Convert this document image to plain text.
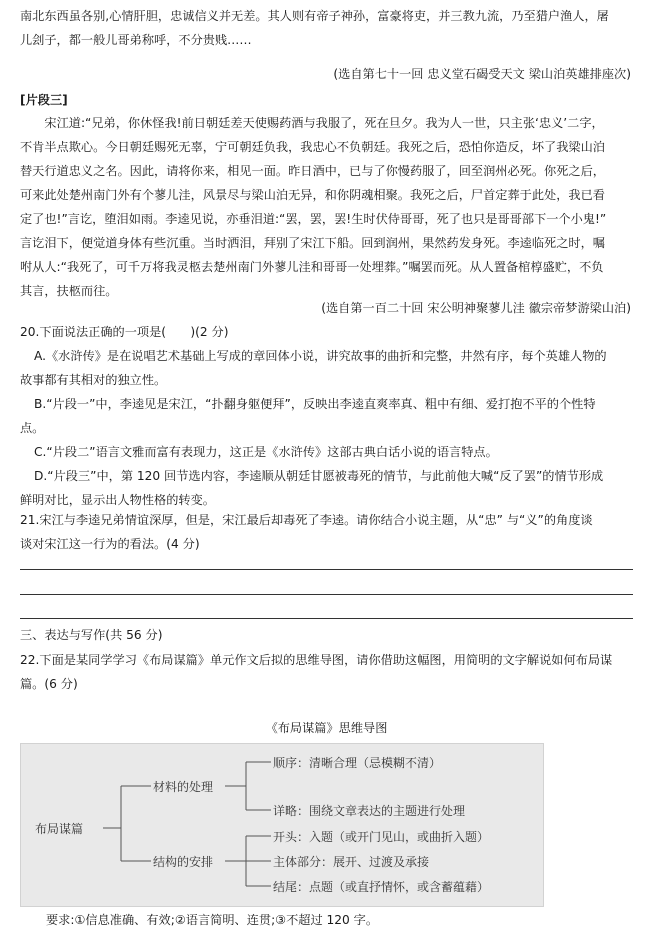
南北东西虽各别,心情肝胆，忠诚信义并无差。其人则有帝子神孙，富豪将吏，并三教九流，乃至猎户渔人，屠

儿刽子，都一般儿哥弟称呼，不分贵贱……

(选自第七十一回 忠义堂石碣受天文 梁山泊英雄排座次)

[片段三]

宋江道:“兄弟，你休怪我!前日朝廷差天使赐药酒与我服了，死在旦夕。我为人一世，只主张‘忠义’二字，

不肯半点欺心。今日朝廷赐死无辜，宁可朝廷负我，我忠心不负朝廷。我死之后，恐怕你造反，坏了我梁山泊

替天行道忠义之名。因此，请将你来，相见一面。昨日酒中，已与了你慢药服了，回至润州必死。你死之后，

可来此处楚州南门外有个蓼儿洼，风景尽与梁山泊无异，和你阴魂相聚。我死之后，尸首定葬于此处，我已看

定了也!”言讫，堕泪如雨。李逵见说，亦垂泪道:“罢，罢，罢!生时伏侍哥哥，死了也只是哥哥部下一个小鬼!”

言讫泪下，便觉道身体有些沉重。当时洒泪，拜别了宋江下船。回到润州，果然药发身死。李逵临死之时，嘱

咐从人:“我死了，可千万将我灵柩去楚州南门外蓼儿洼和哥哥一处埋葬。”嘱罢而死。从人置备棺椁盛贮，不负

其言，扶柩而往。

(选自第一百二十回 宋公明神聚蓼儿洼 徽宗帝梦游梁山泊)

20.下面说法正确的一项是(　　)(2 分)

A.《水浒传》是在说唱艺术基础上写成的章回体小说，讲究故事的曲折和完整，井然有序，每个英雄人物的

故事都有其相对的独立性。

B.“片段一”中，李逵见是宋江，“扑翻身躯便拜”，反映出李逵直爽率真、粗中有细、爱打抱不平的个性特

点。

C.“片段二”语言文雅而富有表现力，这正是《水浒传》这部古典白话小说的语言特点。

D.“片段三”中，第 120 回节选内容，李逵顺从朝廷甘愿被毒死的情节，与此前他大喊“反了罢”的情节形成

鲜明对比，显示出人物性格的转变。

21.宋江与李逵兄弟情谊深厚，但是，宋江最后却毒死了李逵。请你结合小说主题，从“忠” 与“义”的角度谈

谈对宋江这一行为的看法。(4 分)

三、表达与写作(共 56 分)

22.下面是某同学学习《布局谋篇》单元作文后拟的思维导图，请你借助这幅图，用简明的文字解说如何布局谋

篇。(6 分)

《布局谋篇》思维导图

布局谋篇
材料的处理
结构的安排
顺序：清晰合理（忌模糊不清）
详略：围绕文章表达的主题进行处理
开头：入题（或开门见山，或曲折入题）
主体部分：展开、过渡及承接
结尾：点题（或直抒情怀，或含蓄蕴藉）

要求:①信息准确、有效;②语言简明、连贯;③不超过 120 字。
